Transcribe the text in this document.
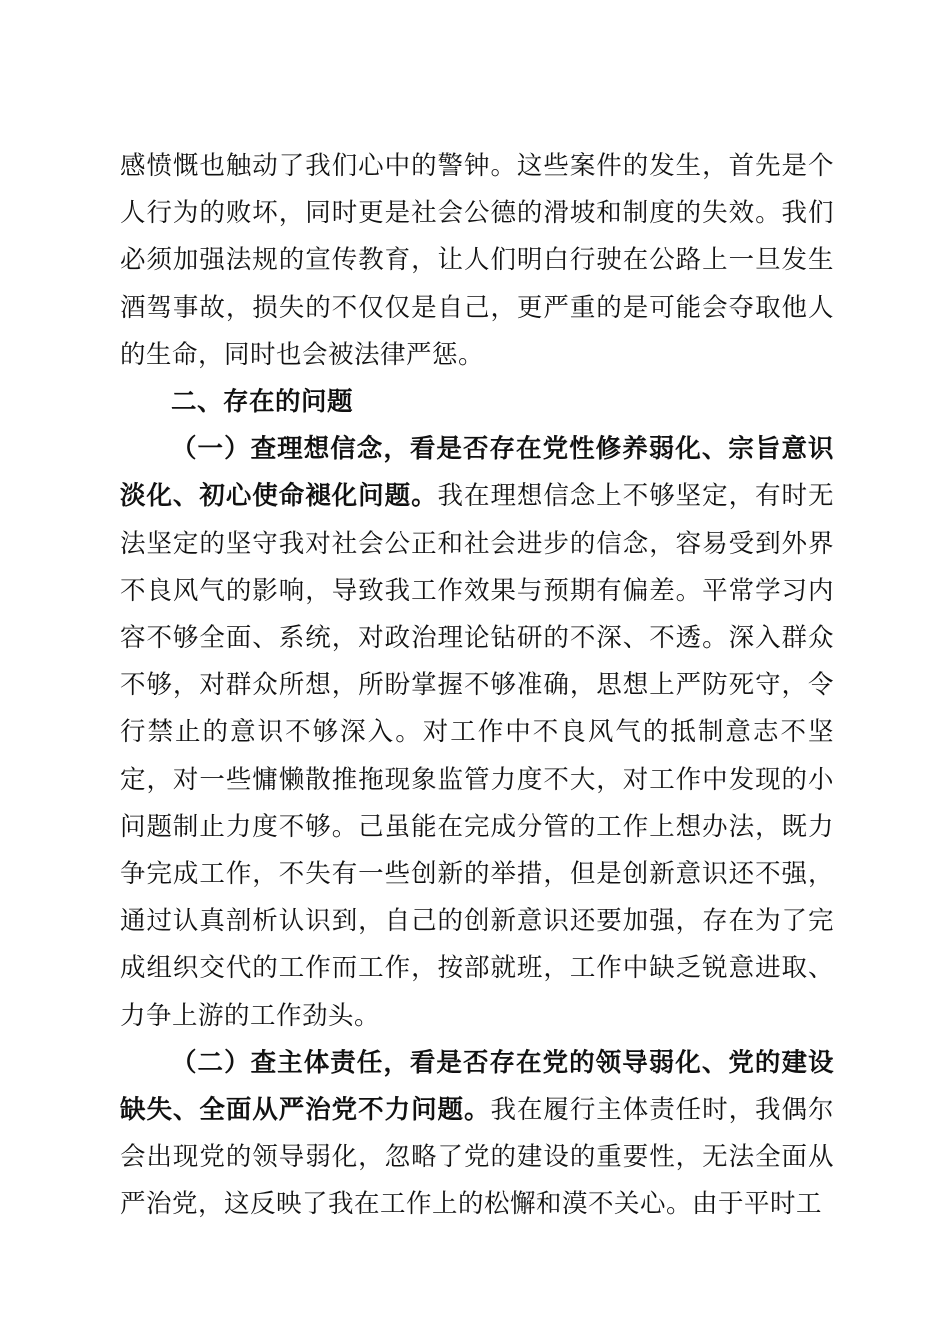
感愤慨也触动了我们心中的警钟。这些案件的发生，首先是个人行为的败坏，同时更是社会公德的滑坡和制度的失效。我们必须加强法规的宣传教育，让人们明白行驶在公路上一旦发生酒驾事故，损失的不仅仅是自己，更严重的是可能会夺取他人的生命，同时也会被法律严惩。

二、存在的问题

（一）查理想信念，看是否存在党性修养弱化、宗旨意识淡化、初心使命褪化问题。我在理想信念上不够坚定，有时无法坚定的坚守我对社会公正和社会进步的信念，容易受到外界不良风气的影响，导致我工作效果与预期有偏差。平常学习内容不够全面、系统，对政治理论钻研的不深、不透。深入群众不够，对群众所想，所盼掌握不够准确，思想上严防死守，令行禁止的意识不够深入。对工作中不良风气的抵制意志不坚定，对一些慵懒散推拖现象监管力度不大，对工作中发现的小问题制止力度不够。己虽能在完成分管的工作上想办法，既力争完成工作，不失有一些创新的举措，但是创新意识还不强，通过认真剖析认识到，自己的创新意识还要加强，存在为了完成组织交代的工作而工作，按部就班，工作中缺乏锐意进取、力争上游的工作劲头。

（二）查主体责任，看是否存在党的领导弱化、党的建设缺失、全面从严治党不力问题。我在履行主体责任时，我偶尔会出现党的领导弱化，忽略了党的建设的重要性，无法全面从严治党，这反映了我在工作上的松懈和漠不关心。由于平时工
